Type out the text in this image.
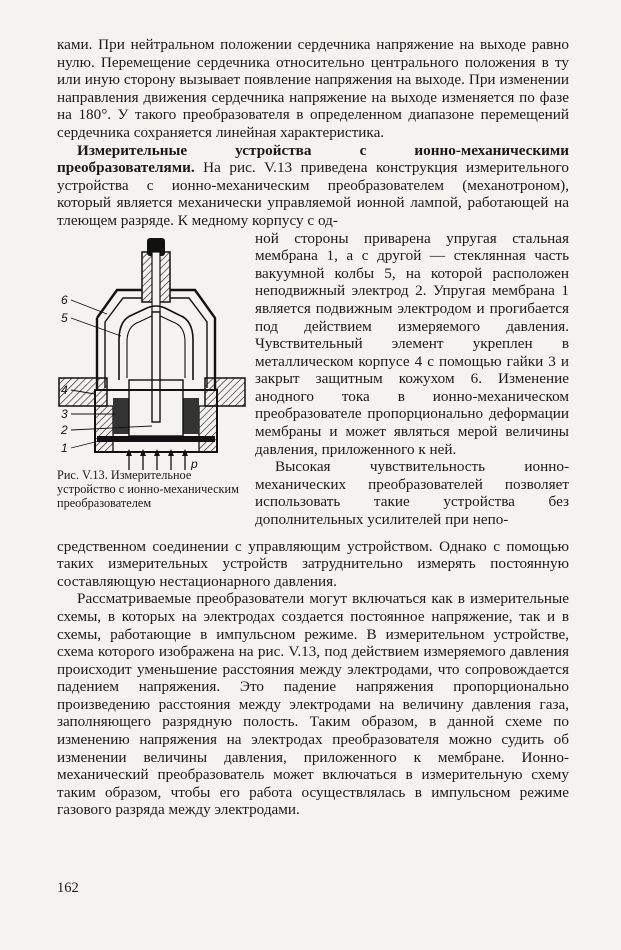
ками. При нейтральном положении сердечника напряжение на выходе равно нулю. Перемещение сердечника относительно центрального положения в ту или иную сторону вызывает появление напряжения на выходе. При изменении направления движения сердечника напряжение на выходе изменяется по фазе на 180°. У такого преобразователя в определенном диапазоне перемещений сердечника сохраняется линейная характеристика.

Измерительные устройства с ионно-механическими преобразователями. На рис. V.13 приведена конструкция измерительного устройства с ионно-механическим преобразователем (механотроном), который является механически управляемой ионной лампой, работающей на тлеющем разряде. К медному корпусу с од-

6
5
4
3
2
1
p
Рис. V.13. Измерительное устройство с ионно-механическим преобразователем

ной стороны приварена упругая стальная мембрана 1, а с другой — стеклянная часть вакуумной колбы 5, на которой расположен неподвижный электрод 2. Упругая мембрана 1 является подвижным электродом и прогибается под действием измеряемого давления. Чувствительный элемент укреплен в металлическом корпусе 4 с помощью гайки 3 и закрыт защитным кожухом 6. Изменение анодного тока в ионно-механическом преобразователе пропорционально деформации мембраны и может являться мерой величины давления, приложенного к ней.

Высокая чувствительность ионно-механических преобразователей позволяет использовать такие устройства без дополнительных усилителей при непо-

средственном соединении с управляющим устройством. Однако с помощью таких измерительных устройств затруднительно измерять постоянную составляющую нестационарного давления.

Рассматриваемые преобразователи могут включаться как в измерительные схемы, в которых на электродах создается постоянное напряжение, так и в схемы, работающие в импульсном режиме. В измерительном устройстве, схема которого изображена на рис. V.13, под действием измеряемого давления происходит уменьшение расстояния между электродами, что сопровождается падением напряжения. Это падение напряжения пропорционально произведению расстояния между электродами на величину давления газа, заполняющего разрядную полость. Таким образом, в данной схеме по изменению напряжения на электродах преобразователя можно судить об изменении величины давления, приложенного к мембране. Ионно-механический преобразователь может включаться в измерительную схему таким образом, чтобы его работа осуществлялась в импульсном режиме газового разряда между электродами.

162
